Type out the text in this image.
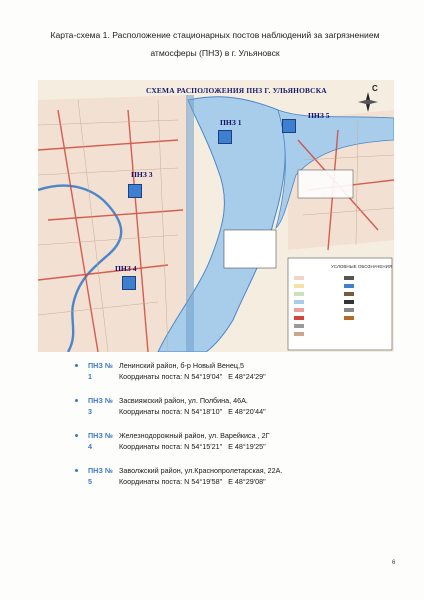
Карта-схема 1. Расположение стационарных постов наблюдений за загрязнением
атмосферы (ПНЗ) в г. Ульяновск
СХЕМА РАСПОЛОЖЕНИЯ ПНЗ Г. УЛЬЯНОВСКА	С
УСЛОВНЫЕ ОБОЗНАЧЕНИЯ
ПНЗ 1
ПНЗ 5
ПНЗ 3
ПНЗ 4
ПНЗ № 1
Ленинский район, б-р Новый Венец,5
Координаты поста: N 54°19'04"   E 48°24'29"
ПНЗ № 3
Засвияжский район, ул. Полбина, 46А.
Координаты поста: N 54°18'10"   E 48°20'44"
ПНЗ № 4
Железнодорожный район, ул. Варейкиса , 2Г
Координаты поста: N 54°15'21"   E 48°19'25"
ПНЗ № 5
Заволжский район, ул.Краснопролетарская, 22А.
Координаты поста: N 54°19'58"   E 48°29'08"
6
